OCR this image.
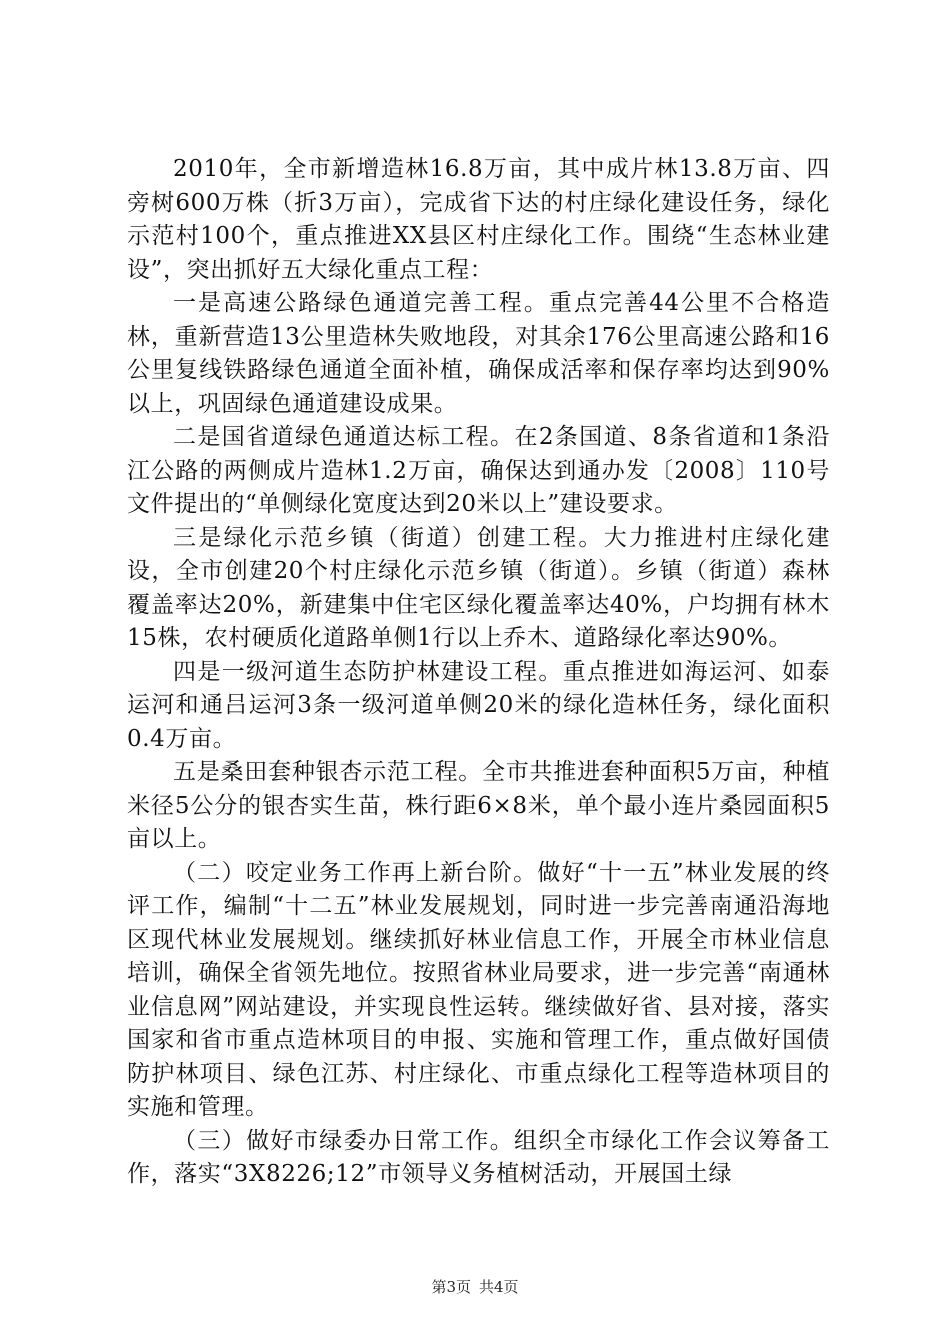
2010年，全市新增造林16.8万亩，其中成片林13.8万亩、四旁树600万株（折3万亩），完成省下达的村庄绿化建设任务，绿化示范村100个，重点推进XX县区村庄绿化工作。围绕“生态林业建设”，突出抓好五大绿化重点工程：

一是高速公路绿色通道完善工程。重点完善44公里不合格造林，重新营造13公里造林失败地段，对其余176公里高速公路和16公里复线铁路绿色通道全面补植，确保成活率和保存率均达到90%以上，巩固绿色通道建设成果。

二是国省道绿色通道达标工程。在2条国道、8条省道和1条沿江公路的两侧成片造林1.2万亩，确保达到通办发〔2008〕110号文件提出的“单侧绿化宽度达到20米以上”建设要求。

三是绿化示范乡镇（街道）创建工程。大力推进村庄绿化建设，全市创建20个村庄绿化示范乡镇（街道）。乡镇（街道）森林覆盖率达20%，新建集中住宅区绿化覆盖率达40%，户均拥有林木15株，农村硬质化道路单侧1行以上乔木、道路绿化率达90%。

四是一级河道生态防护林建设工程。重点推进如海运河、如泰运河和通吕运河3条一级河道单侧20米的绿化造林任务，绿化面积0.4万亩。

五是桑田套种银杏示范工程。全市共推进套种面积5万亩，种植米径5公分的银杏实生苗，株行距6×8米，单个最小连片桑园面积5亩以上。

（二）咬定业务工作再上新台阶。做好“十一五”林业发展的终评工作，编制“十二五”林业发展规划，同时进一步完善南通沿海地区现代林业发展规划。继续抓好林业信息工作，开展全市林业信息培训，确保全省领先地位。按照省林业局要求，进一步完善“南通林业信息网”网站建设，并实现良性运转。继续做好省、县对接，落实国家和省市重点造林项目的申报、实施和管理工作，重点做好国债防护林项目、绿色江苏、村庄绿化、市重点绿化工程等造林项目的实施和管理。

（三）做好市绿委办日常工作。组织全市绿化工作会议筹备工作，落实“3X8226;12”市领导义务植树活动，开展国土绿

第3页 共4页
